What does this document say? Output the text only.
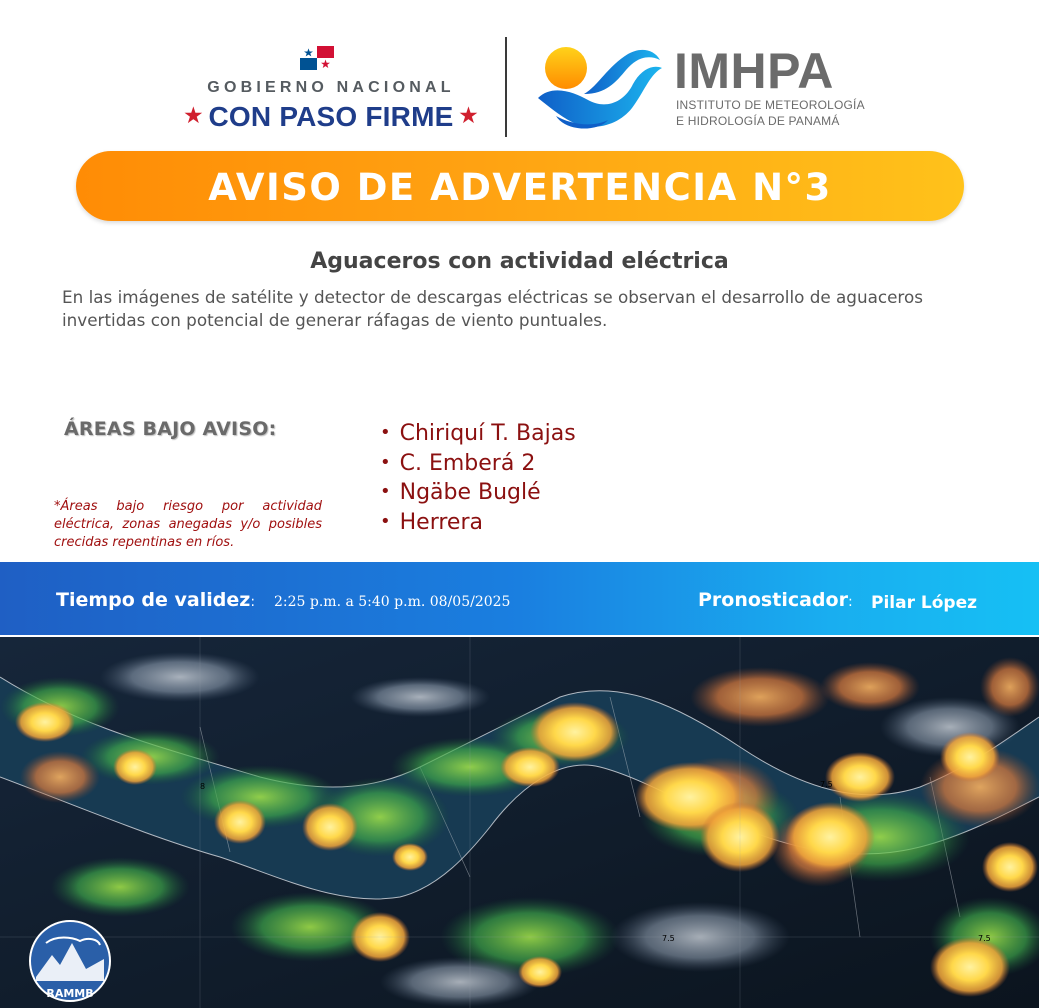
GOBIERNO NACIONAL
★ CON PASO FIRME ★
IMHPA
INSTITUTO DE METEOROLOGÍA
E HIDROLOGÍA DE PANAMÁ
AVISO DE ADVERTENCIA N°3
Aguaceros con actividad eléctrica
En las imágenes de satélite y detector de descargas eléctricas se observan el desarrollo de aguaceros invertidas con potencial de generar ráfagas de viento puntuales.
ÁREAS BAJO AVISO:
*Áreas bajo riesgo por actividad eléctrica, zonas anegadas y/o posibles crecidas repentinas en ríos.
• Chiriquí T. Bajas
• C. Emberá 2
• Ngäbe Buglé
• Herrera
Tiempo de validez: 2:25 p.m. a 5:40 p.m. 08/05/2025	Pronosticador: Pilar López
7.5	7.5
7.5
8
RAMMB
